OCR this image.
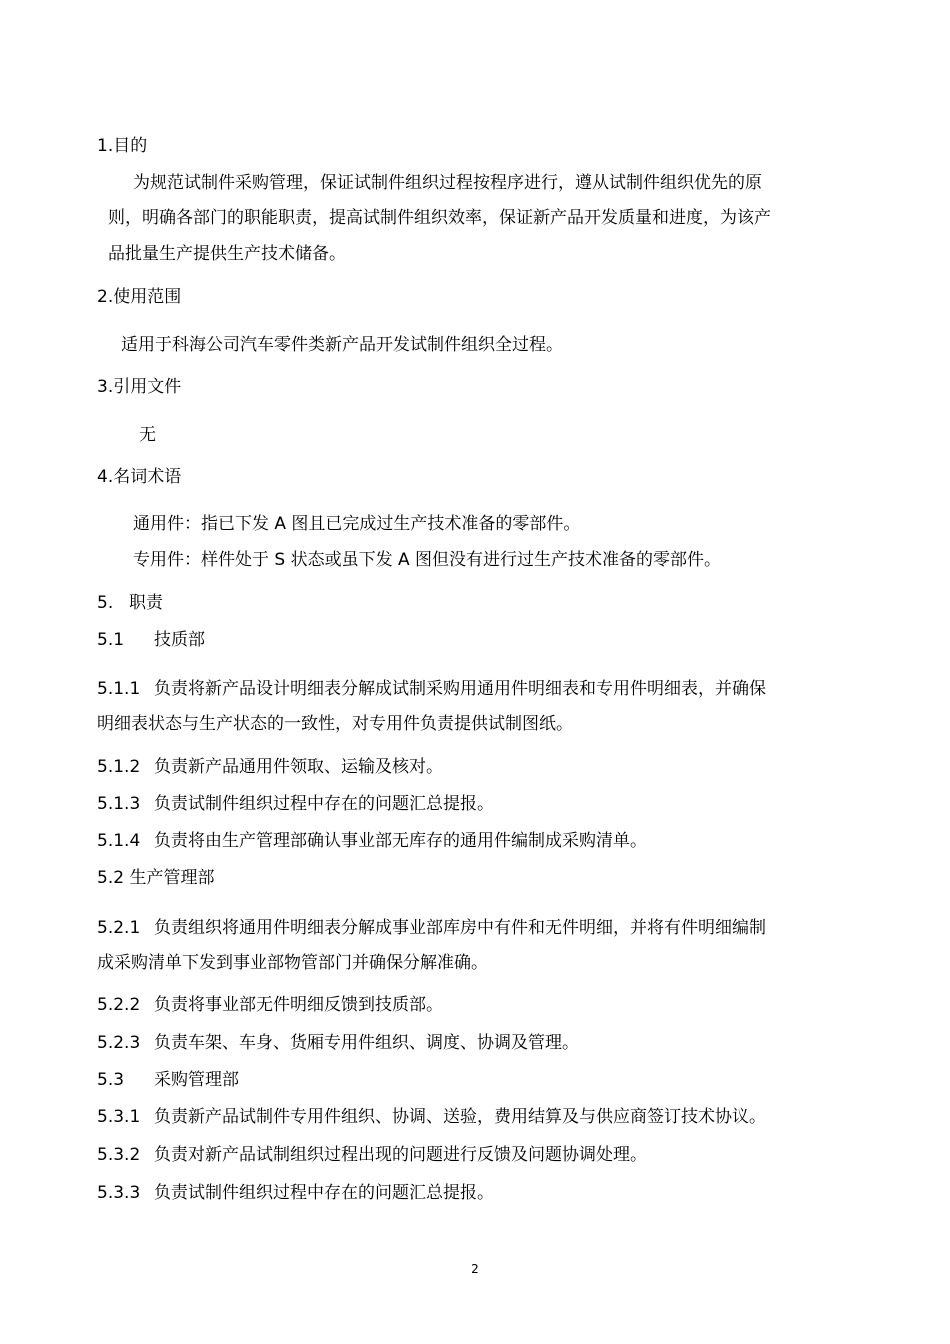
1.目的
为规范试制件采购管理，保证试制件组织过程按程序进行，遵从试制件组织优先的原
则，明确各部门的职能职责，提高试制件组织效率，保证新产品开发质量和进度，为该产
品批量生产提供生产技术储备。
2.使用范围
适用于科海公司汽车零件类新产品开发试制件组织全过程。
3.引用文件
无
4.名词术语
通用件：指已下发 A 图且已完成过生产技术准备的零部件。
专用件：样件处于 S 状态或虽下发 A 图但没有进行过生产技术准备的零部件。
5. 职责
5.1 技质部
5.1.1 负责将新产品设计明细表分解成试制采购用通用件明细表和专用件明细表，并确保
明细表状态与生产状态的一致性，对专用件负责提供试制图纸。
5.1.2 负责新产品通用件领取、运输及核对。
5.1.3 负责试制件组织过程中存在的问题汇总提报。
5.1.4 负责将由生产管理部确认事业部无库存的通用件编制成采购清单。
5.2 生产管理部
5.2.1 负责组织将通用件明细表分解成事业部库房中有件和无件明细，并将有件明细编制
成采购清单下发到事业部物管部门并确保分解准确。
5.2.2 负责将事业部无件明细反馈到技质部。
5.2.3 负责车架、车身、货厢专用件组织、调度、协调及管理。
5.3 采购管理部
5.3.1 负责新产品试制件专用件组织、协调、送验，费用结算及与供应商签订技术协议。
5.3.2 负责对新产品试制组织过程出现的问题进行反馈及问题协调处理。
5.3.3 负责试制件组织过程中存在的问题汇总提报。
2
